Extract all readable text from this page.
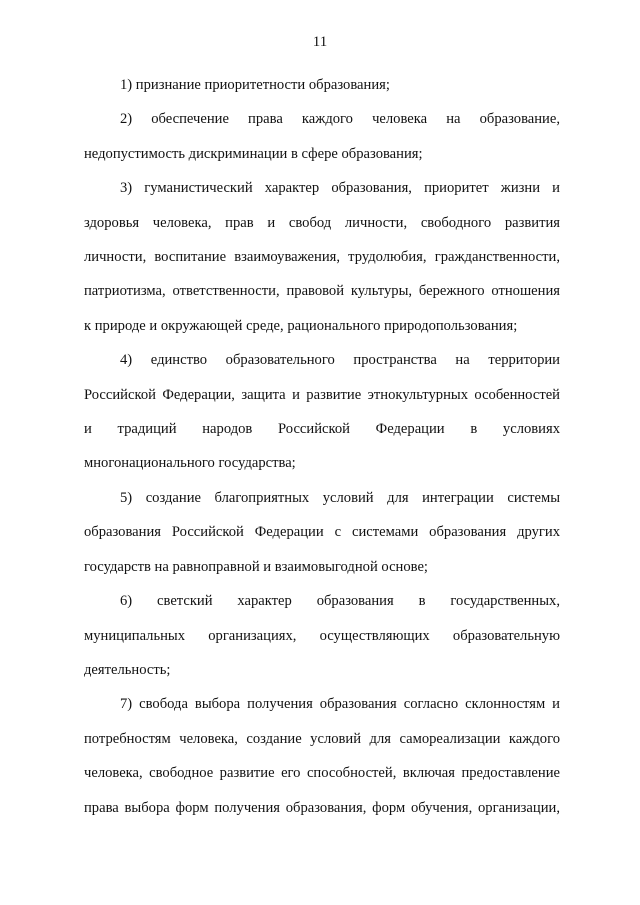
11

1) признание приоритетности образования;

2) обеспечение права каждого человека на образование,
недопустимость дискриминации в сфере образования;

3) гуманистический характер образования, приоритет жизни и
здоровья человека, прав и свобод личности, свободного развития
личности, воспитание взаимоуважения, трудолюбия, гражданственности,
патриотизма, ответственности, правовой культуры, бережного отношения
к природе и окружающей среде, рационального природопользования;

4) единство образовательного пространства на территории
Российской Федерации, защита и развитие этнокультурных особенностей
и традиций народов Российской Федерации в условиях
многонационального государства;

5) создание благоприятных условий для интеграции системы
образования Российской Федерации с системами образования других
государств на равноправной и взаимовыгодной основе;

6) светский характер образования в государственных,
муниципальных организациях, осуществляющих образовательную
деятельность;

7) свобода выбора получения образования согласно склонностям и
потребностям человека, создание условий для самореализации каждого
человека, свободное развитие его способностей, включая предоставление
права выбора форм получения образования, форм обучения, организации,
